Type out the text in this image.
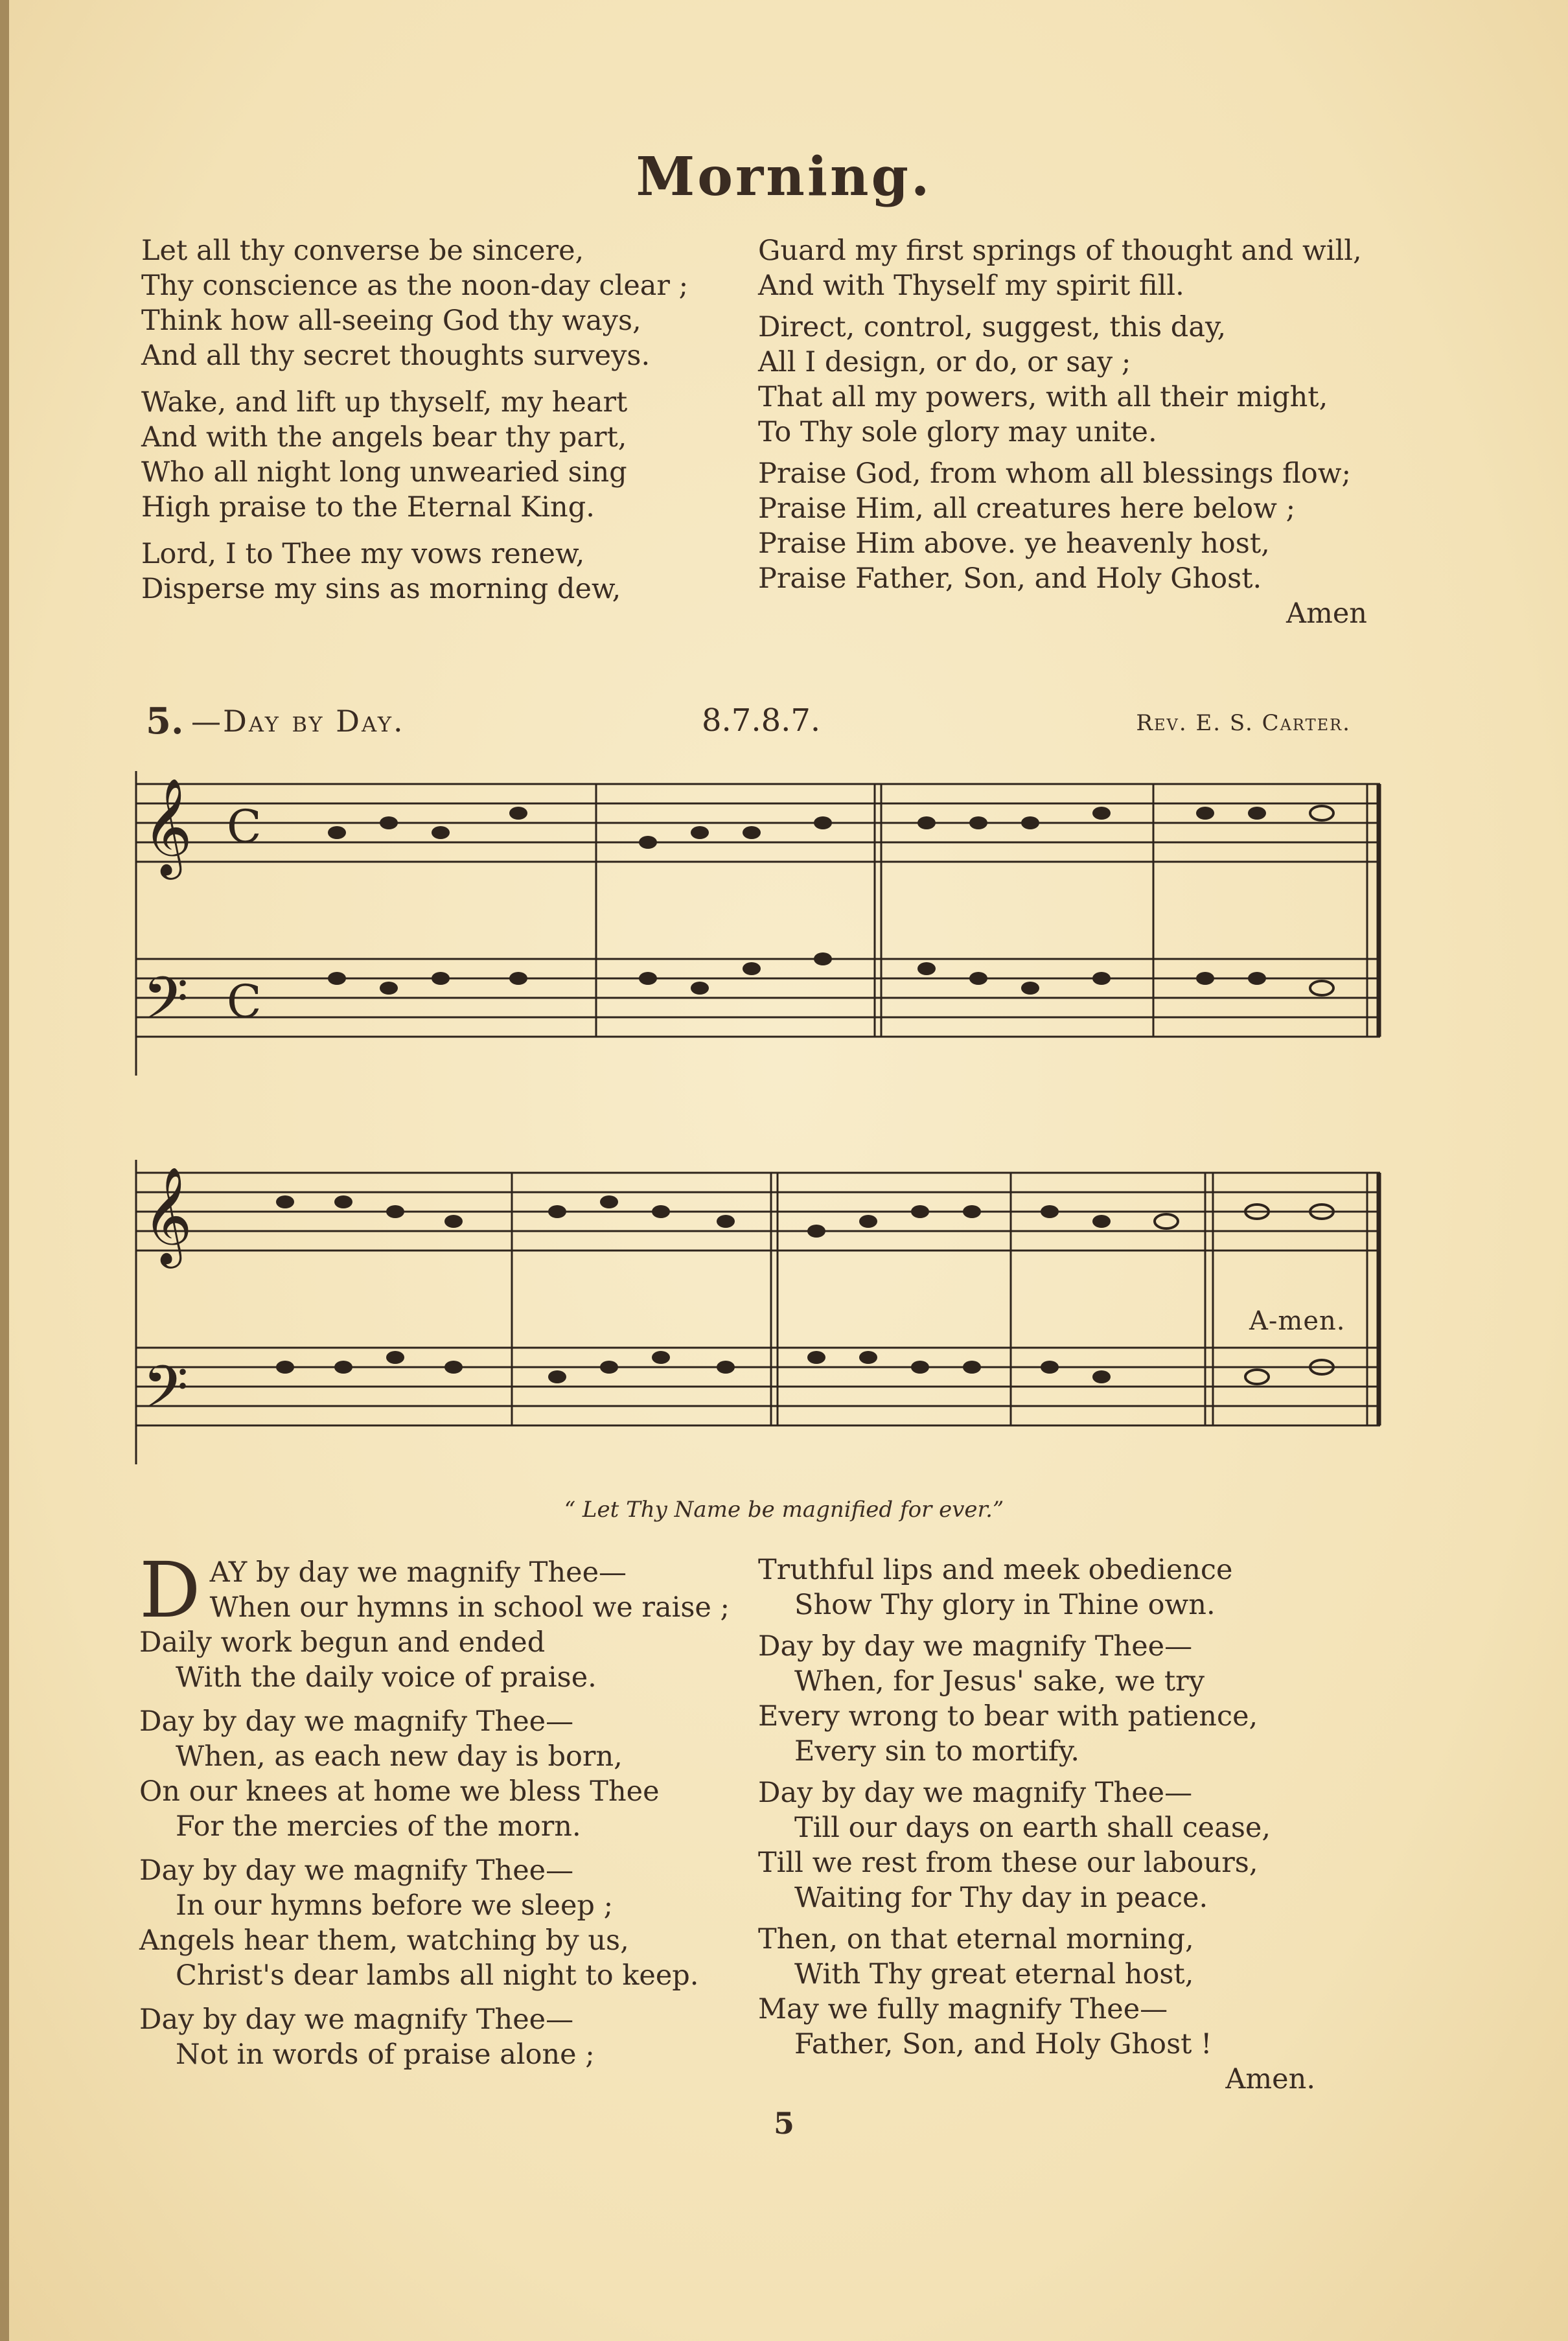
Morning.

Let all thy converse be sincere,
Thy conscience as the noon-day clear ;
Think how all-seeing God thy ways,
And all thy secret thoughts surveys.

Wake, and lift up thyself, my heart
And with the angels bear thy part,
Who all night long unwearied sing
High praise to the Eternal King.

Lord, I to Thee my vows renew,
Disperse my sins as morning dew,

Guard my first springs of thought and will,
And with Thyself my spirit fill.

Direct, control, suggest, this day,
All I design, or do, or say ;
That all my powers, with all their might,
To Thy sole glory may unite.

Praise God, from whom all blessings flow;
Praise Him, all creatures here below ;
Praise Him above. ye heavenly host,
Praise Father, Son, and Holy Ghost.
Amen

5. —Day by Day.	8.7.8.7.	Rev. E. S. Carter.
𝄞
𝄢
C
C
𝄞
𝄢
A-men.
“ Let Thy Name be magnified for ever.”

D AY by day we magnify Thee—
When our hymns in school we raise ;
Daily work begun and ended
With the daily voice of praise.

Day by day we magnify Thee—
When, as each new day is born,
On our knees at home we bless Thee
For the mercies of the morn.

Day by day we magnify Thee—
In our hymns before we sleep ;
Angels hear them, watching by us,
Christ's dear lambs all night to keep.

Day by day we magnify Thee—
Not in words of praise alone ;

Truthful lips and meek obedience
Show Thy glory in Thine own.

Day by day we magnify Thee—
When, for Jesus' sake, we try
Every wrong to bear with patience,
Every sin to mortify.

Day by day we magnify Thee—
Till our days on earth shall cease,
Till we rest from these our labours,
Waiting for Thy day in peace.

Then, on that eternal morning,
With Thy great eternal host,
May we fully magnify Thee—
Father, Son, and Holy Ghost !
Amen.

5
